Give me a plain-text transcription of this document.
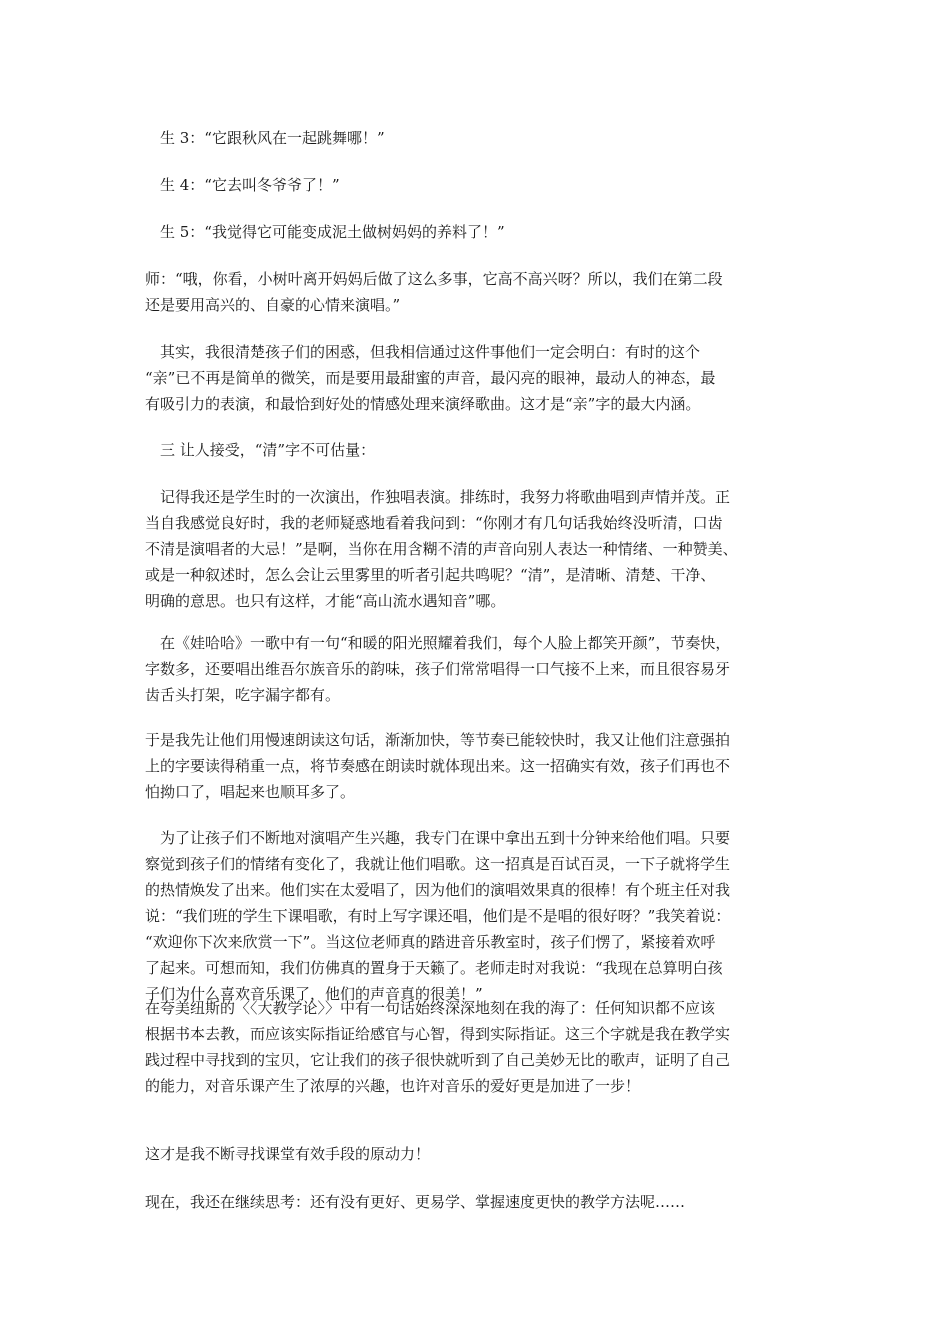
　生 3：“它跟秋风在一起跳舞哪！”

　生 4：“它去叫冬爷爷了！”

　生 5：“我觉得它可能变成泥土做树妈妈的养料了！”

师：“哦，你看，小树叶离开妈妈后做了这么多事，它高不高兴呀？所以，我们在第二段
还是要用高兴的、自豪的心情来演唱。”

　其实，我很清楚孩子们的困惑，但我相信通过这件事他们一定会明白：有时的这个
“亲”已不再是简单的微笑，而是要用最甜蜜的声音，最闪亮的眼神，最动人的神态，最
有吸引力的表演，和最恰到好处的情感处理来演绎歌曲。这才是“亲”字的最大内涵。

　三 让人接受，“清”字不可估量：

　记得我还是学生时的一次演出，作独唱表演。排练时，我努力将歌曲唱到声情并茂。正
当自我感觉良好时，我的老师疑惑地看着我问到：“你刚才有几句话我始终没听清，口齿
不清是演唱者的大忌！”是啊，当你在用含糊不清的声音向别人表达一种情绪、一种赞美、
或是一种叙述时，怎么会让云里雾里的听者引起共鸣呢？“清”，是清晰、清楚、干净、
明确的意思。也只有这样，才能“高山流水遇知音”哪。

　在《娃哈哈》一歌中有一句“和暖的阳光照耀着我们，每个人脸上都笑开颜”，节奏快，
字数多，还要唱出维吾尔族音乐的韵味，孩子们常常唱得一口气接不上来，而且很容易牙
齿舌头打架，吃字漏字都有。

于是我先让他们用慢速朗读这句话，渐渐加快，等节奏已能较快时，我又让他们注意强拍
上的字要读得稍重一点，将节奏感在朗读时就体现出来。这一招确实有效，孩子们再也不
怕拗口了，唱起来也顺耳多了。

　为了让孩子们不断地对演唱产生兴趣，我专门在课中拿出五到十分钟来给他们唱。只要
察觉到孩子们的情绪有变化了，我就让他们唱歌。这一招真是百试百灵，一下子就将学生
的热情焕发了出来。他们实在太爱唱了，因为他们的演唱效果真的很棒！有个班主任对我
说：“我们班的学生下课唱歌，有时上写字课还唱，他们是不是唱的很好呀？”我笑着说：
“欢迎你下次来欣赏一下”。当这位老师真的踏进音乐教室时，孩子们愣了，紧接着欢呼
了起来。可想而知，我们仿佛真的置身于天籁了。老师走时对我说：“我现在总算明白孩
子们为什么喜欢音乐课了，他们的声音真的很美！”

在夸美纽斯的〈〈大教学论〉〉中有一句话始终深深地刻在我的海了：任何知识都不应该
根据书本去教，而应该实际指证给感官与心智，得到实际指证。这三个字就是我在教学实
践过程中寻找到的宝贝，它让我们的孩子很快就听到了自己美妙无比的歌声，证明了自己
的能力，对音乐课产生了浓厚的兴趣，也许对音乐的爱好更是加进了一步！

这才是我不断寻找课堂有效手段的原动力！

现在，我还在继续思考：还有没有更好、更易学、掌握速度更快的教学方法呢……
